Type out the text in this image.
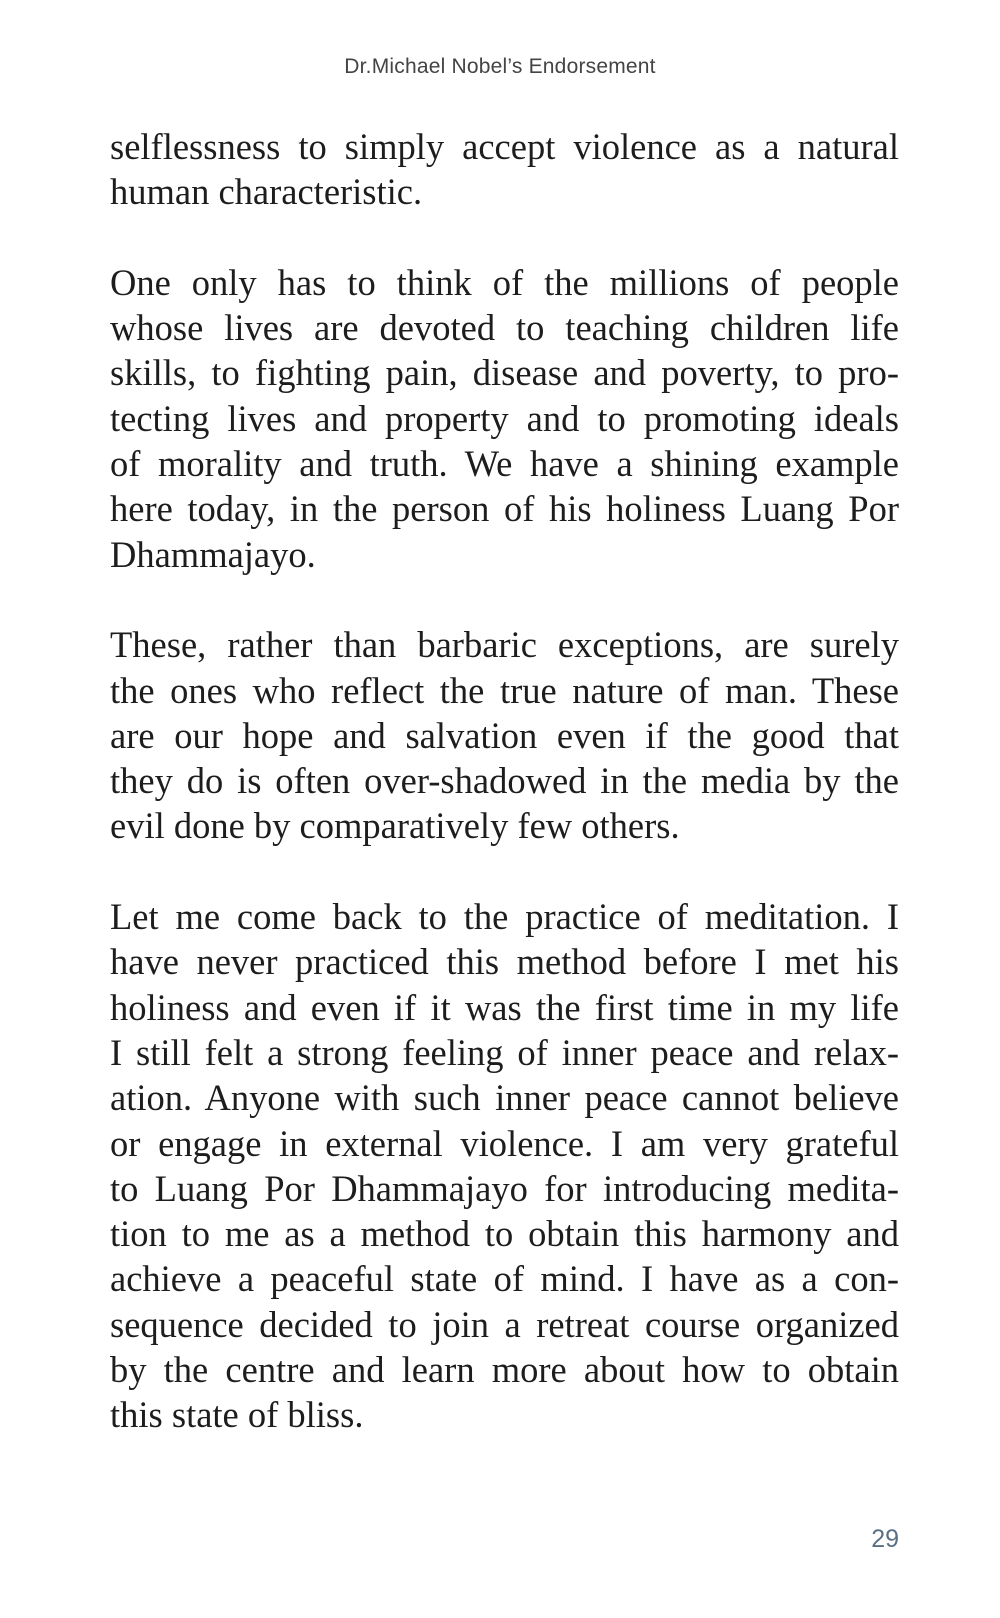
Dr.Michael Nobel’s Endorsement
selflessness to simply accept violence as a natural
human characteristic.
One only has to think of the millions of people
whose lives are devoted to teaching children life
skills, to fighting pain, disease and poverty, to pro-
tecting lives and property and to promoting ideals
of morality and truth. We have a shining example
here today, in the person of his holiness Luang Por
Dhammajayo.
These, rather than barbaric exceptions, are surely
the ones who reflect the true nature of man. These
are our hope and salvation even if the good that
they do is often over-shadowed in the media by the
evil done by comparatively few others.
Let me come back to the practice of meditation. I
have never practiced this method before I met his
holiness and even if it was the first time in my life
I still felt a strong feeling of inner peace and relax-
ation. Anyone with such inner peace cannot believe
or engage in external violence. I am very grateful
to Luang Por Dhammajayo for introducing medita-
tion to me as a method to obtain this harmony and
achieve a peaceful state of mind. I have as a con-
sequence decided to join a retreat course organized
by the centre and learn more about how to obtain
this state of bliss.
29
